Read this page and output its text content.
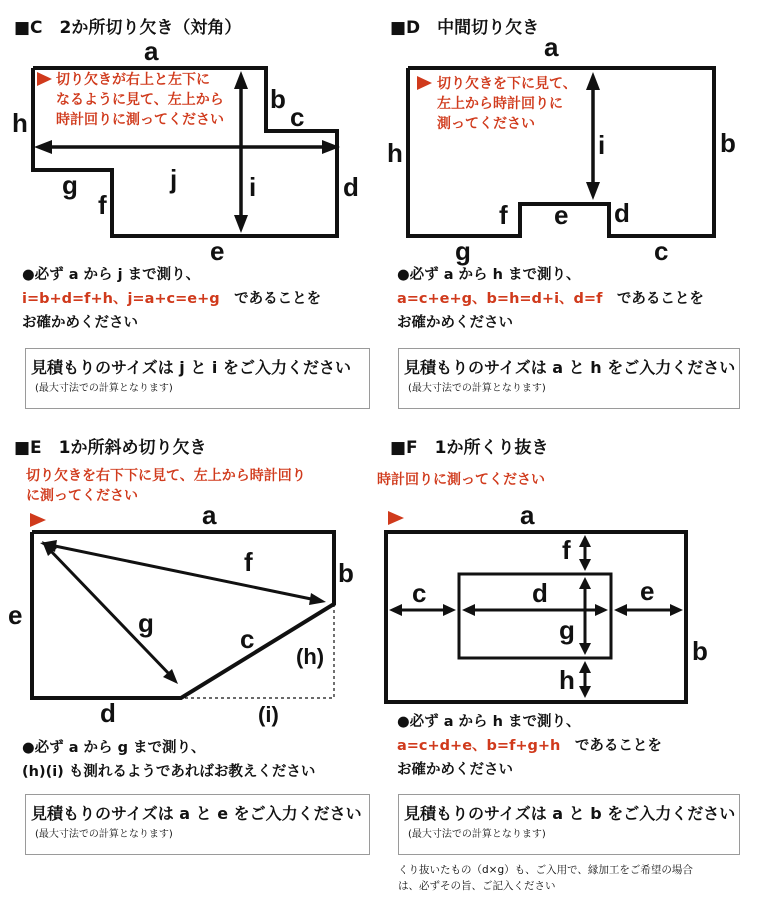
■C　2か所切り欠き（対角）
切り欠きが右上と左下に
なるように見て、左上から
時計回りに測ってください
a
b
c
d
e
f
g
h
i
j
●必ず a から j まで測り、
i=b+d=f+h、j=a+c=e+g　 であることを
お確かめください
見積もりのサイズは j と i をご入力ください
(最大寸法での計算となります)
■D　中間切り欠き
切り欠きを下に見て、
左上から時計回りに
測ってください
a
b
c
d
e
f
g
h	i
●必ず a から h まで測り、
a=c+e+g、b=h=d+i、d=f　 であることを
お確かめください
見積もりのサイズは a と h をご入力ください
(最大寸法での計算となります)
■E　1か所斜め切り欠き
切り欠きを右下下に見て、左上から時計回り
に測ってください
a
b
c
d
e
f
g
(h)
(i)
●必ず a から g まで測り、
(h)(i) も測れるようであればお教えください
見積もりのサイズは a と e をご入力ください
(最大寸法での計算となります)
■F　1か所くり抜き
時計回りに測ってください
a
b
c	d	e
f
g
h
●必ず a から h まで測り、
a=c+d+e、b=f+g+h　 であることを
お確かめください
見積もりのサイズは a と b をご入力ください
(最大寸法での計算となります)
くり抜いたもの（d×g）も、ご入用で、縁加工をご希望の場合
は、必ずその旨、ご記入ください
